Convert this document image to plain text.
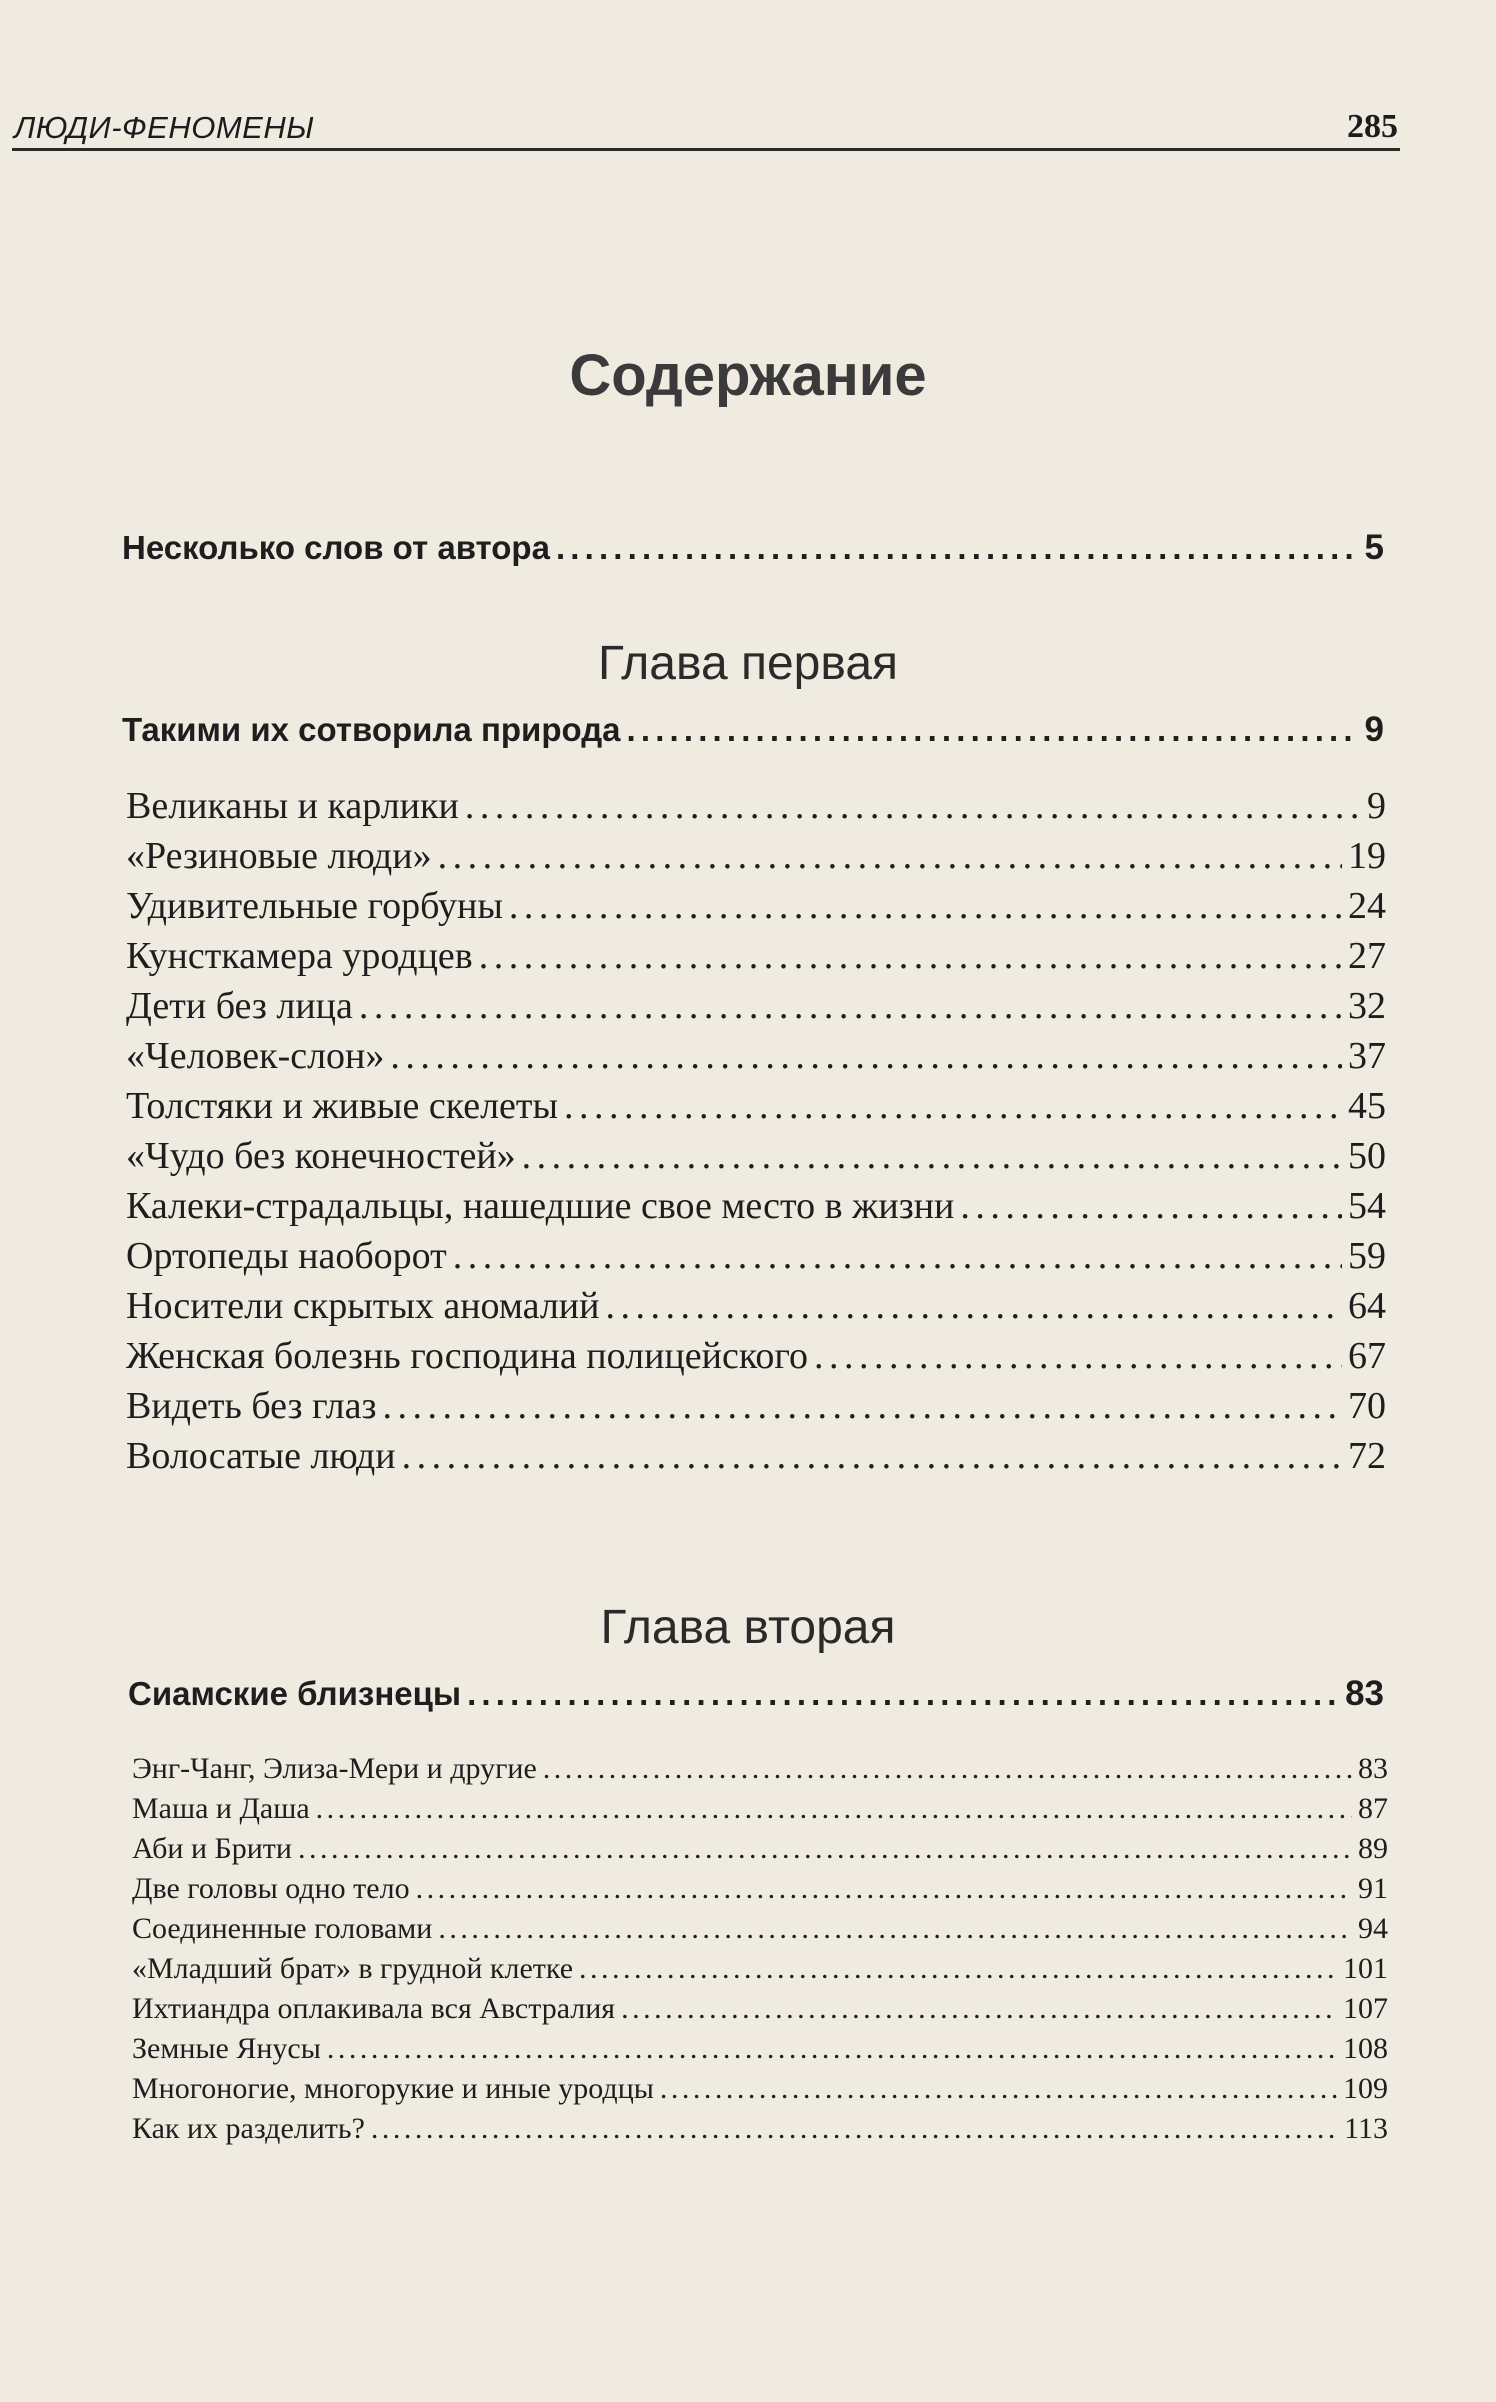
ЛЮДИ-ФЕНОМЕНЫ	285
Содержание
Несколько слов от автора . . .	5
Глава первая
Такими их сотворила природа . . .	9
Великаны и карлики . . .	9
«Резиновые люди» . . .	19
Удивительные горбуны . . .	24
Кунсткамера уродцев . . .	27
Дети без лица . . .	32
«Человек-слон» . . .	37
Толстяки и живые скелеты . . .	45
«Чудо без конечностей» . . .	50
Калеки-страдальцы, нашедшие свое место в жизни . . .	54
Ортопеды наоборот . . .	59
Носители скрытых аномалий . . .	64
Женская болезнь господина полицейского . . .	67
Видеть без глаз . . .	70
Волосатые люди . . .	72
Глава вторая
Сиамские близнецы . . .	83
Энг-Чанг, Элиза-Мери и другие . . .	83
Маша и Даша . . .	87
Аби и Брити . . .	89
Две головы одно тело . . .	91
Соединенные головами . . .	94
«Младший брат» в грудной клетке . . .	101
Ихтиандра оплакивала вся Австралия . . .	107
Земные Янусы . . .	108
Многоногие, многорукие и иные уродцы . . .	109
Как их разделить? . . .	113
